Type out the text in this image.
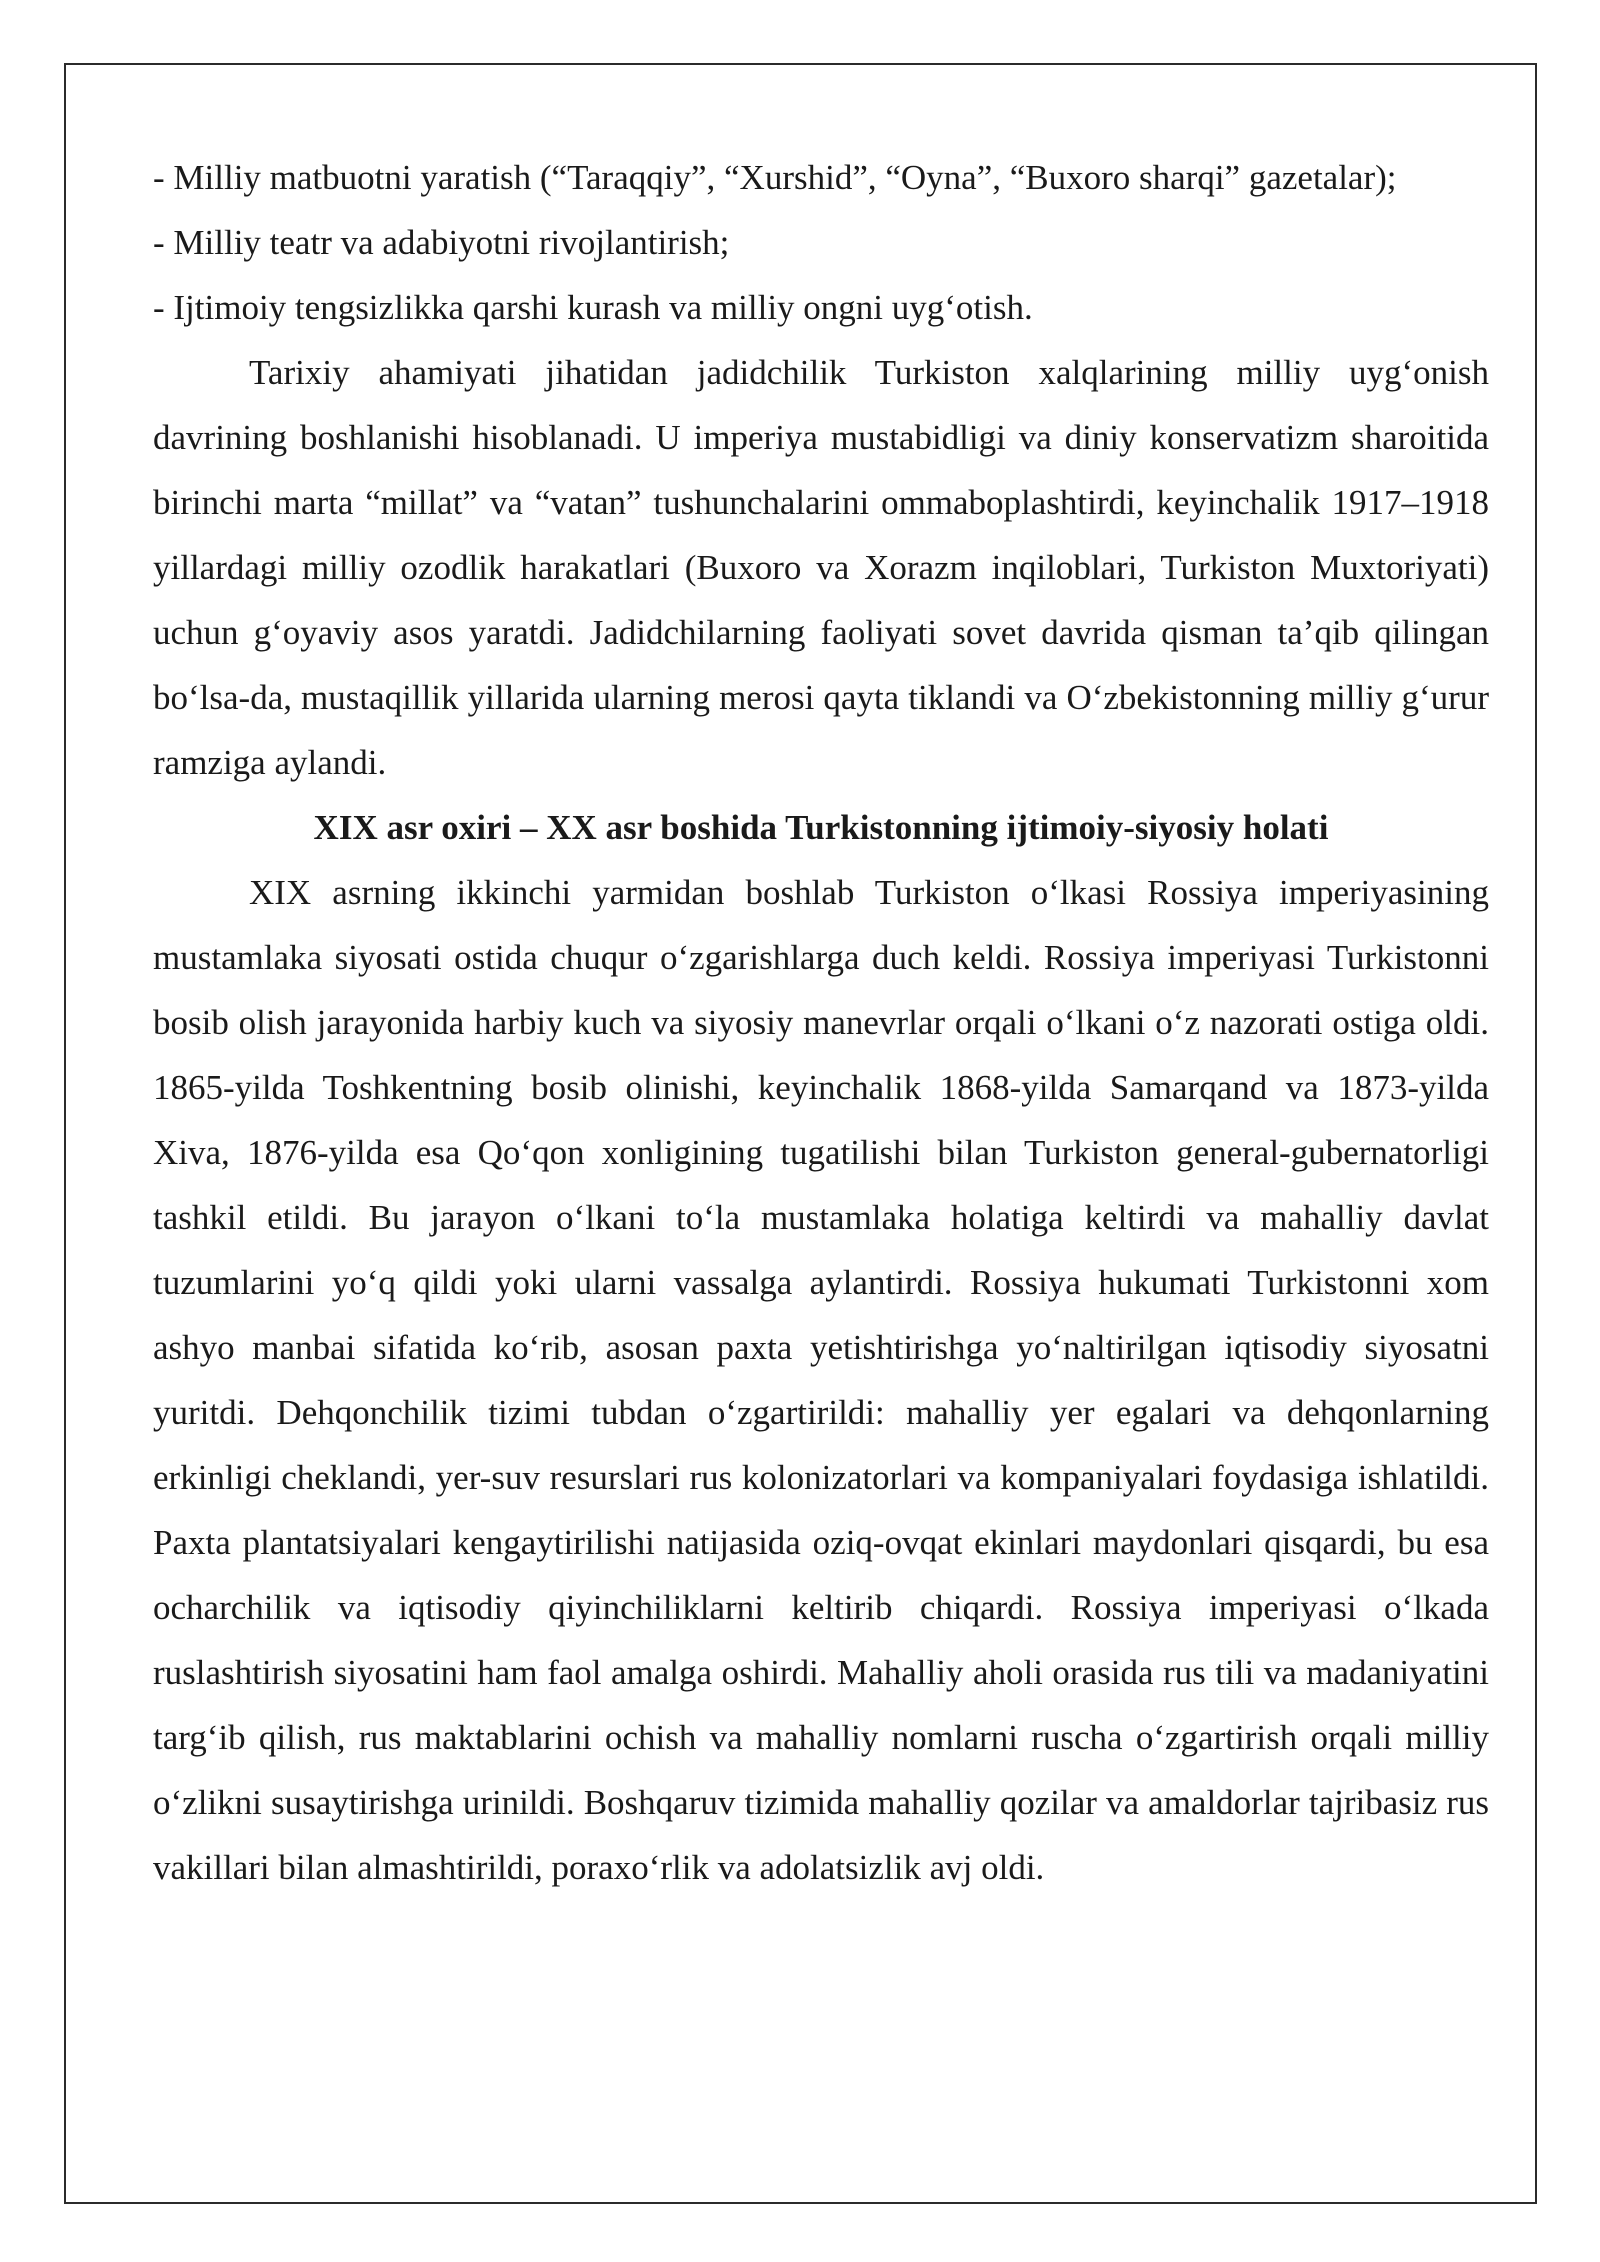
- Milliy matbuotni yaratish (“Taraqqiy”, “Xurshid”, “Oyna”, “Buxoro sharqi” gazetalar);

- Milliy teatr va adabiyotni rivojlantirish;

- Ijtimoiy tengsizlikka qarshi kurash va milliy ongni uyg‘otish.

Tarixiy ahamiyati jihatidan jadidchilik Turkiston xalqlarining milliy uyg‘onish davrining boshlanishi hisoblanadi. U imperiya mustabidligi va diniy konservatizm sharoitida birinchi marta “millat” va “vatan” tushunchalarini ommaboplashtirdi, keyinchalik 1917–1918 yillardagi milliy ozodlik harakatlari (Buxoro va Xorazm inqiloblari, Turkiston Muxtoriyati) uchun g‘oyaviy asos yaratdi. Jadidchilarning faoliyati sovet davrida qisman ta’qib qilingan bo‘lsa-da, mustaqillik yillarida ularning merosi qayta tiklandi va O‘zbekistonning milliy g‘urur ramziga aylandi.

XIX asr oxiri – XX asr boshida Turkistonning ijtimoiy-siyosiy holati

XIX asrning ikkinchi yarmidan boshlab Turkiston o‘lkasi Rossiya imperiyasining mustamlaka siyosati ostida chuqur o‘zgarishlarga duch keldi. Rossiya imperiyasi Turkistonni bosib olish jarayonida harbiy kuch va siyosiy manevrlar orqali o‘lkani o‘z nazorati ostiga oldi. 1865-yilda Toshkentning bosib olinishi, keyinchalik 1868-yilda Samarqand va 1873-yilda Xiva, 1876-yilda esa Qo‘qon xonligining tugatilishi bilan Turkiston general-gubernatorligi tashkil etildi. Bu jarayon o‘lkani to‘la mustamlaka holatiga keltirdi va mahalliy davlat tuzumlarini yo‘q qildi yoki ularni vassalga aylantirdi. Rossiya hukumati Turkistonni xom ashyo manbai sifatida ko‘rib, asosan paxta yetishtirishga yo‘naltirilgan iqtisodiy siyosatni yuritdi. Dehqonchilik tizimi tubdan o‘zgartirildi: mahalliy yer egalari va dehqonlarning erkinligi cheklandi, yer-suv resurslari rus kolonizatorlari va kompaniyalari foydasiga ishlatildi. Paxta plantatsiyalari kengaytirilishi natijasida oziq-ovqat ekinlari maydonlari qisqardi, bu esa ocharchilik va iqtisodiy qiyinchiliklarni keltirib chiqardi. Rossiya imperiyasi o‘lkada ruslashtirish siyosatini ham faol amalga oshirdi. Mahalliy aholi orasida rus tili va madaniyatini targ‘ib qilish, rus maktablarini ochish va mahalliy nomlarni ruscha o‘zgartirish orqali milliy o‘zlikni susaytirishga urinildi. Boshqaruv tizimida mahalliy qozilar va amaldorlar tajribasiz rus vakillari bilan almashtirildi, poraxo‘rlik va adolatsizlik avj oldi.
